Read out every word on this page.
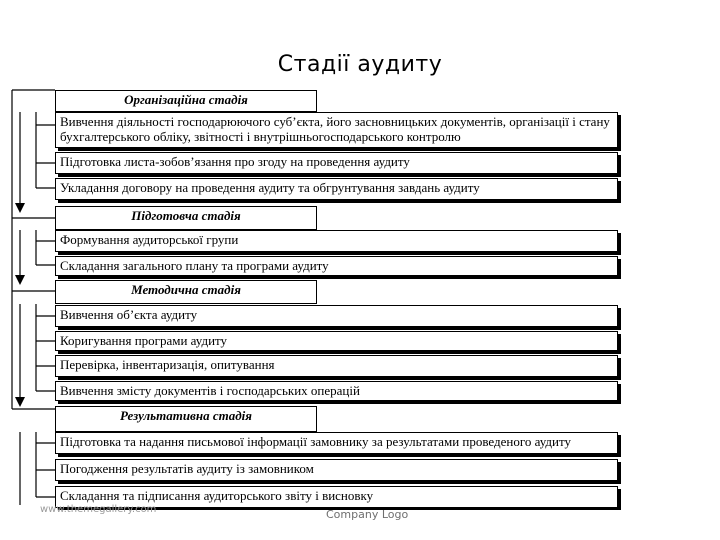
Стадії аудиту
Організаційна стадія
Вивчення діяльності господарюючого суб’єкта, його засновницьких документів, організації і стану бухгалтерського обліку, звітності і внутрішньогосподарського контролю
Підготовка листа-зобов’язання про згоду на проведення аудиту
Укладання договору на проведення аудиту та обгрунтування завдань аудиту
Підготовча стадія
Формування аудиторської групи
Складання загального плану та програми аудиту
Методична стадія
Вивчення об’єкта аудиту
Коригування програми аудиту
Перевірка, інвентаризація, опитування
Вивчення змісту документів і господарських операцій
Результативна стадія
Підготовка та надання письмової інформації замовнику за результатами проведеного аудиту
Погодження результатів аудиту із замовником
Складання та підписання аудиторського звіту і висновку
www.themegallery.com	Company Logo
